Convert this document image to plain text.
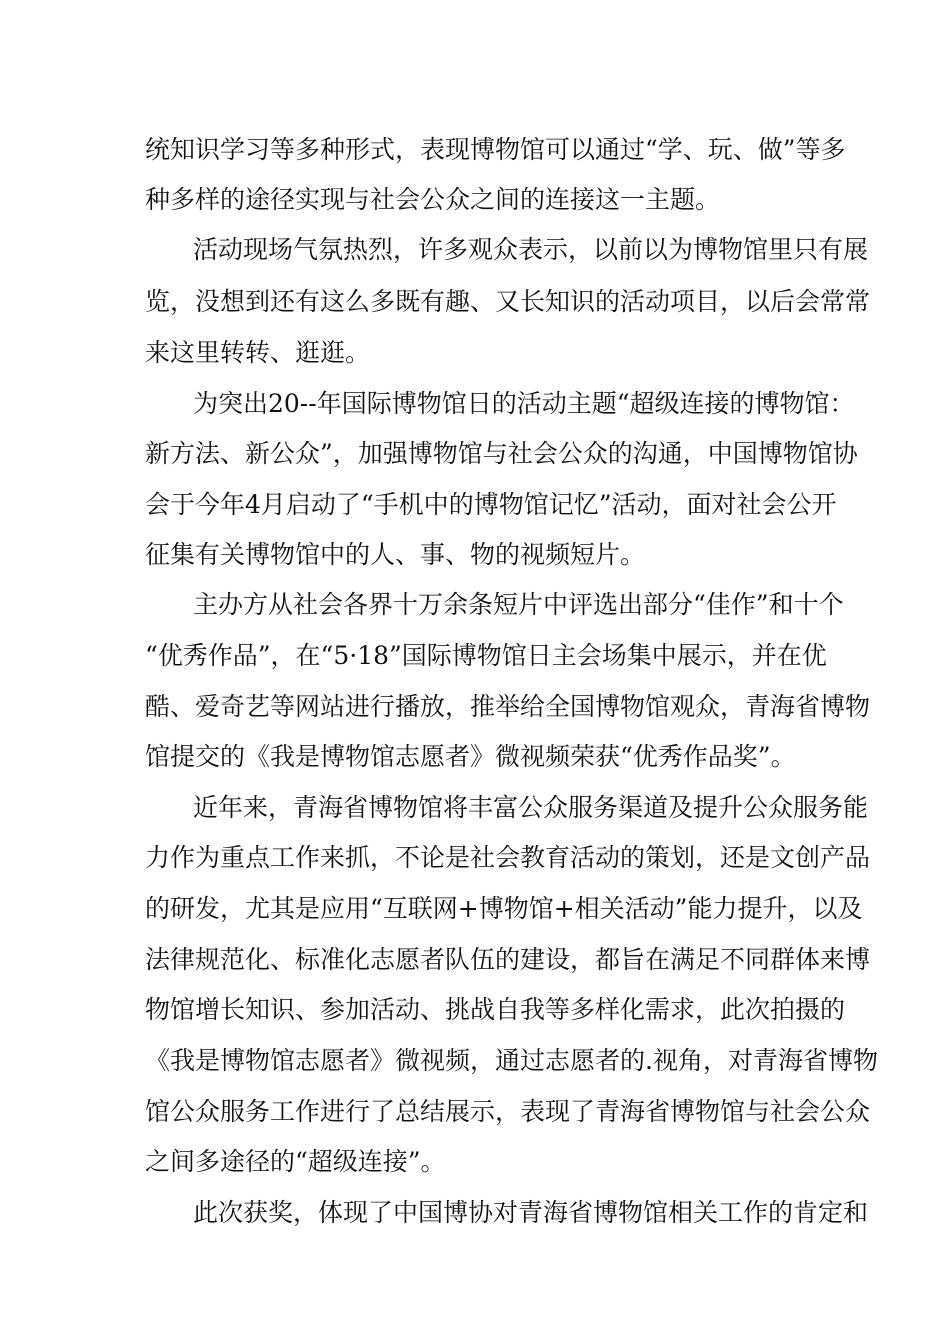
统知识学习等多种形式，表现博物馆可以通过“学、玩、做”等多
种多样的途径实现与社会公众之间的连接这一主题。
活动现场气氛热烈，许多观众表示，以前以为博物馆里只有展
览，没想到还有这么多既有趣、又长知识的活动项目，以后会常常
来这里转转、逛逛。
为突出20--年国际博物馆日的活动主题“超级连接的博物馆：
新方法、新公众”，加强博物馆与社会公众的沟通，中国博物馆协
会于今年4月启动了“手机中的博物馆记忆”活动，面对社会公开
征集有关博物馆中的人、事、物的视频短片。
主办方从社会各界十万余条短片中评选出部分“佳作”和十个
“优秀作品”，在“5·18”国际博物馆日主会场集中展示，并在优
酷、爱奇艺等网站进行播放，推举给全国博物馆观众，青海省博物
馆提交的《我是博物馆志愿者》微视频荣获“优秀作品奖”。
近年来，青海省博物馆将丰富公众服务渠道及提升公众服务能
力作为重点工作来抓，不论是社会教育活动的策划，还是文创产品
的研发，尤其是应用“互联网+博物馆+相关活动”能力提升，以及
法律规范化、标准化志愿者队伍的建设，都旨在满足不同群体来博
物馆增长知识、参加活动、挑战自我等多样化需求，此次拍摄的
《我是博物馆志愿者》微视频，通过志愿者的.视角，对青海省博物
馆公众服务工作进行了总结展示，表现了青海省博物馆与社会公众
之间多途径的“超级连接”。
此次获奖，体现了中国博协对青海省博物馆相关工作的肯定和
